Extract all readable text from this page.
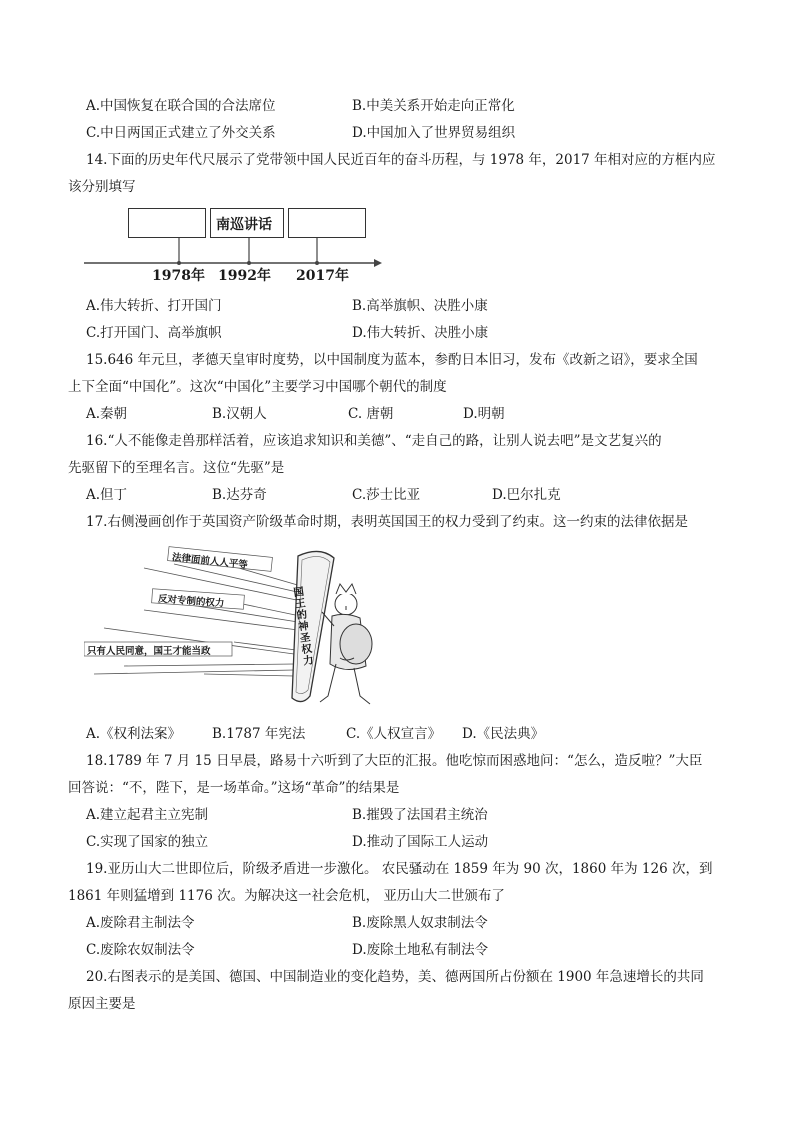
A.中国恢复在联合国的合法席位	B.中美关系开始走向正常化
C.中日两国正式建立了外交关系	D.中国加入了世界贸易组织
14.下面的历史年代尺展示了党带领中国人民近百年的奋斗历程，与 1978 年，2017 年相对应的方框内应
该分别填写
南巡讲话
1978年 1992年 2017年
A.伟大转折、打开国门	B.高举旗帜、决胜小康
C.打开国门、高举旗帜	D.伟大转折、决胜小康
15.646 年元旦，孝德天皇审时度势，以中国制度为蓝本，参酌日本旧习，发布《改新之诏》，要求全国
上下全面“中国化”。这次“中国化”主要学习中国哪个朝代的制度
A.秦朝	B.汉朝人	C. 唐朝	D.明朝
16.“人不能像走兽那样活着，应该追求知识和美德”、“走自己的路，让别人说去吧”是文艺复兴的
先驱留下的至理名言。这位“先驱”是
A.但丁	B.达芬奇	C.莎士比亚	D.巴尔扎克
17.右侧漫画创作于英国资产阶级革命时期，表明英国国王的权力受到了约束。这一约束的法律依据是
法律面前人人平等
反对专制的权力
只有人民同意，国王才能当政	国王的神圣权力
A.《权利法案》 B.1787 年宪法	C.《人权宣言》 D.《民法典》
18.1789 年 7 月 15 日早晨，路易十六听到了大臣的汇报。他吃惊而困惑地问：“怎么，造反啦？”大臣
回答说：“不，陛下，是一场革命。”这场“革命”的结果是
A.建立起君主立宪制	B.摧毁了法国君主统治
C.实现了国家的独立	D.推动了国际工人运动
19.亚历山大二世即位后，阶级矛盾进一步激化。 农民骚动在 1859 年为 90 次，1860 年为 126 次，到
1861 年则猛增到 1176 次。为解决这一社会危机， 亚历山大二世颁布了
A.废除君主制法令	B.废除黑人奴隶制法令
C.废除农奴制法令	D.废除土地私有制法令
20.右图表示的是美国、德国、中国制造业的变化趋势，美、德两国所占份额在 1900 年急速增长的共同
原因主要是
